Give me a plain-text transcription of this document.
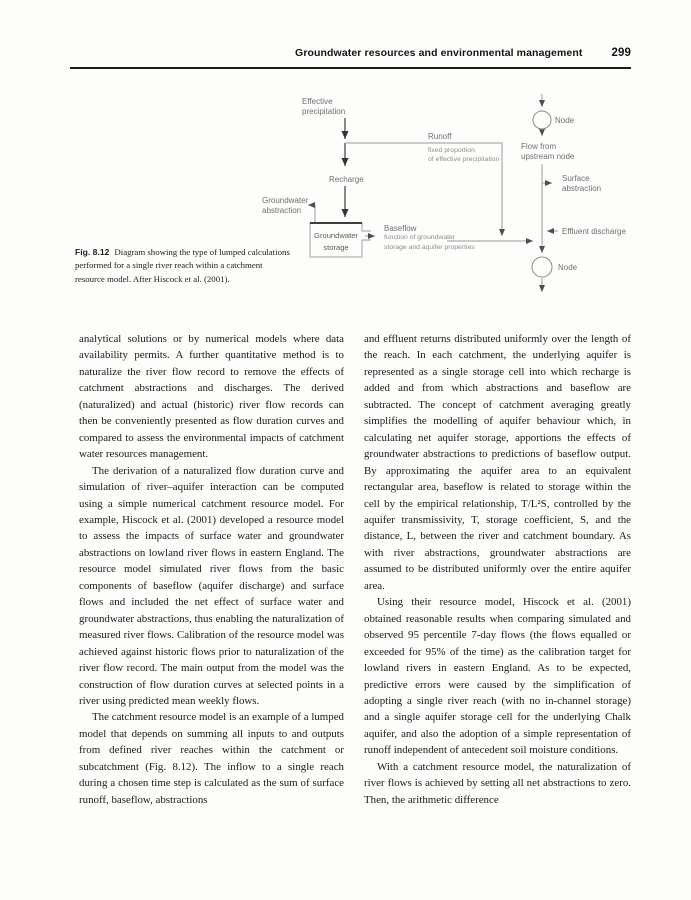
Groundwater resources and environmental management	299
Groundwater
storage
Effective
precipitation
Runoff
fixed proportion
of effective precipitation
Recharge
Groundwater
abstraction
Baseflow
function of groundwater
storage and aquifer properties
Node
Flow from
upstream node
Surface
abstraction
Effluent discharge
Node
Fig. 8.12 Diagram showing the type of lumped calculations performed for a single river reach within a catchment resource model. After Hiscock et al. (2001).

analytical solutions or by numerical models where data availability permits. A further quantitative method is to naturalize the river flow record to remove the effects of catchment abstractions and discharges. The derived (naturalized) and actual (historic) river flow records can then be conveniently presented as flow duration curves and compared to assess the environmental impacts of catchment water resources management.

The derivation of a naturalized flow duration curve and simulation of river–aquifer interaction can be computed using a simple numerical catchment resource model. For example, Hiscock et al. (2001) developed a resource model to assess the impacts of surface water and groundwater abstractions on lowland river flows in eastern England. The resource model simulated river flows from the basic components of baseflow (aquifer discharge) and surface flows and included the net effect of surface water and groundwater abstractions, thus enabling the naturalization of measured river flows. Calibration of the resource model was achieved against historic flows prior to naturalization of the river flow record. The main output from the model was the construction of flow duration curves at selected points in a river using predicted mean weekly flows.

The catchment resource model is an example of a lumped model that depends on summing all inputs to and outputs from defined river reaches within the catchment or subcatchment (Fig. 8.12). The inflow to a single reach during a chosen time step is calculated as the sum of surface runoff, baseflow, abstractions

and effluent returns distributed uniformly over the length of the reach. In each catchment, the underlying aquifer is represented as a single storage cell into which recharge is added and from which abstractions and baseflow are subtracted. The concept of catchment averaging greatly simplifies the modelling of aquifer behaviour which, in calculating net aquifer storage, apportions the effects of groundwater abstractions to predictions of baseflow output. By approximating the aquifer area to an equivalent rectangular area, baseflow is related to storage within the cell by the empirical relationship, T/L²S, controlled by the aquifer transmissivity, T, storage coefficient, S, and the distance, L, between the river and catchment boundary. As with river abstractions, groundwater abstractions are assumed to be distributed uniformly over the entire aquifer area.

Using their resource model, Hiscock et al. (2001) obtained reasonable results when comparing simulated and observed 95 percentile 7-day flows (the flows equalled or exceeded for 95% of the time) as the calibration target for lowland rivers in eastern England. As to be expected, predictive errors were caused by the simplification of adopting a single river reach (with no in-channel storage) and a single aquifer storage cell for the underlying Chalk aquifer, and also the adoption of a simple representation of runoff independent of antecedent soil moisture conditions.

With a catchment resource model, the naturalization of river flows is achieved by setting all net abstractions to zero. Then, the arithmetic difference
